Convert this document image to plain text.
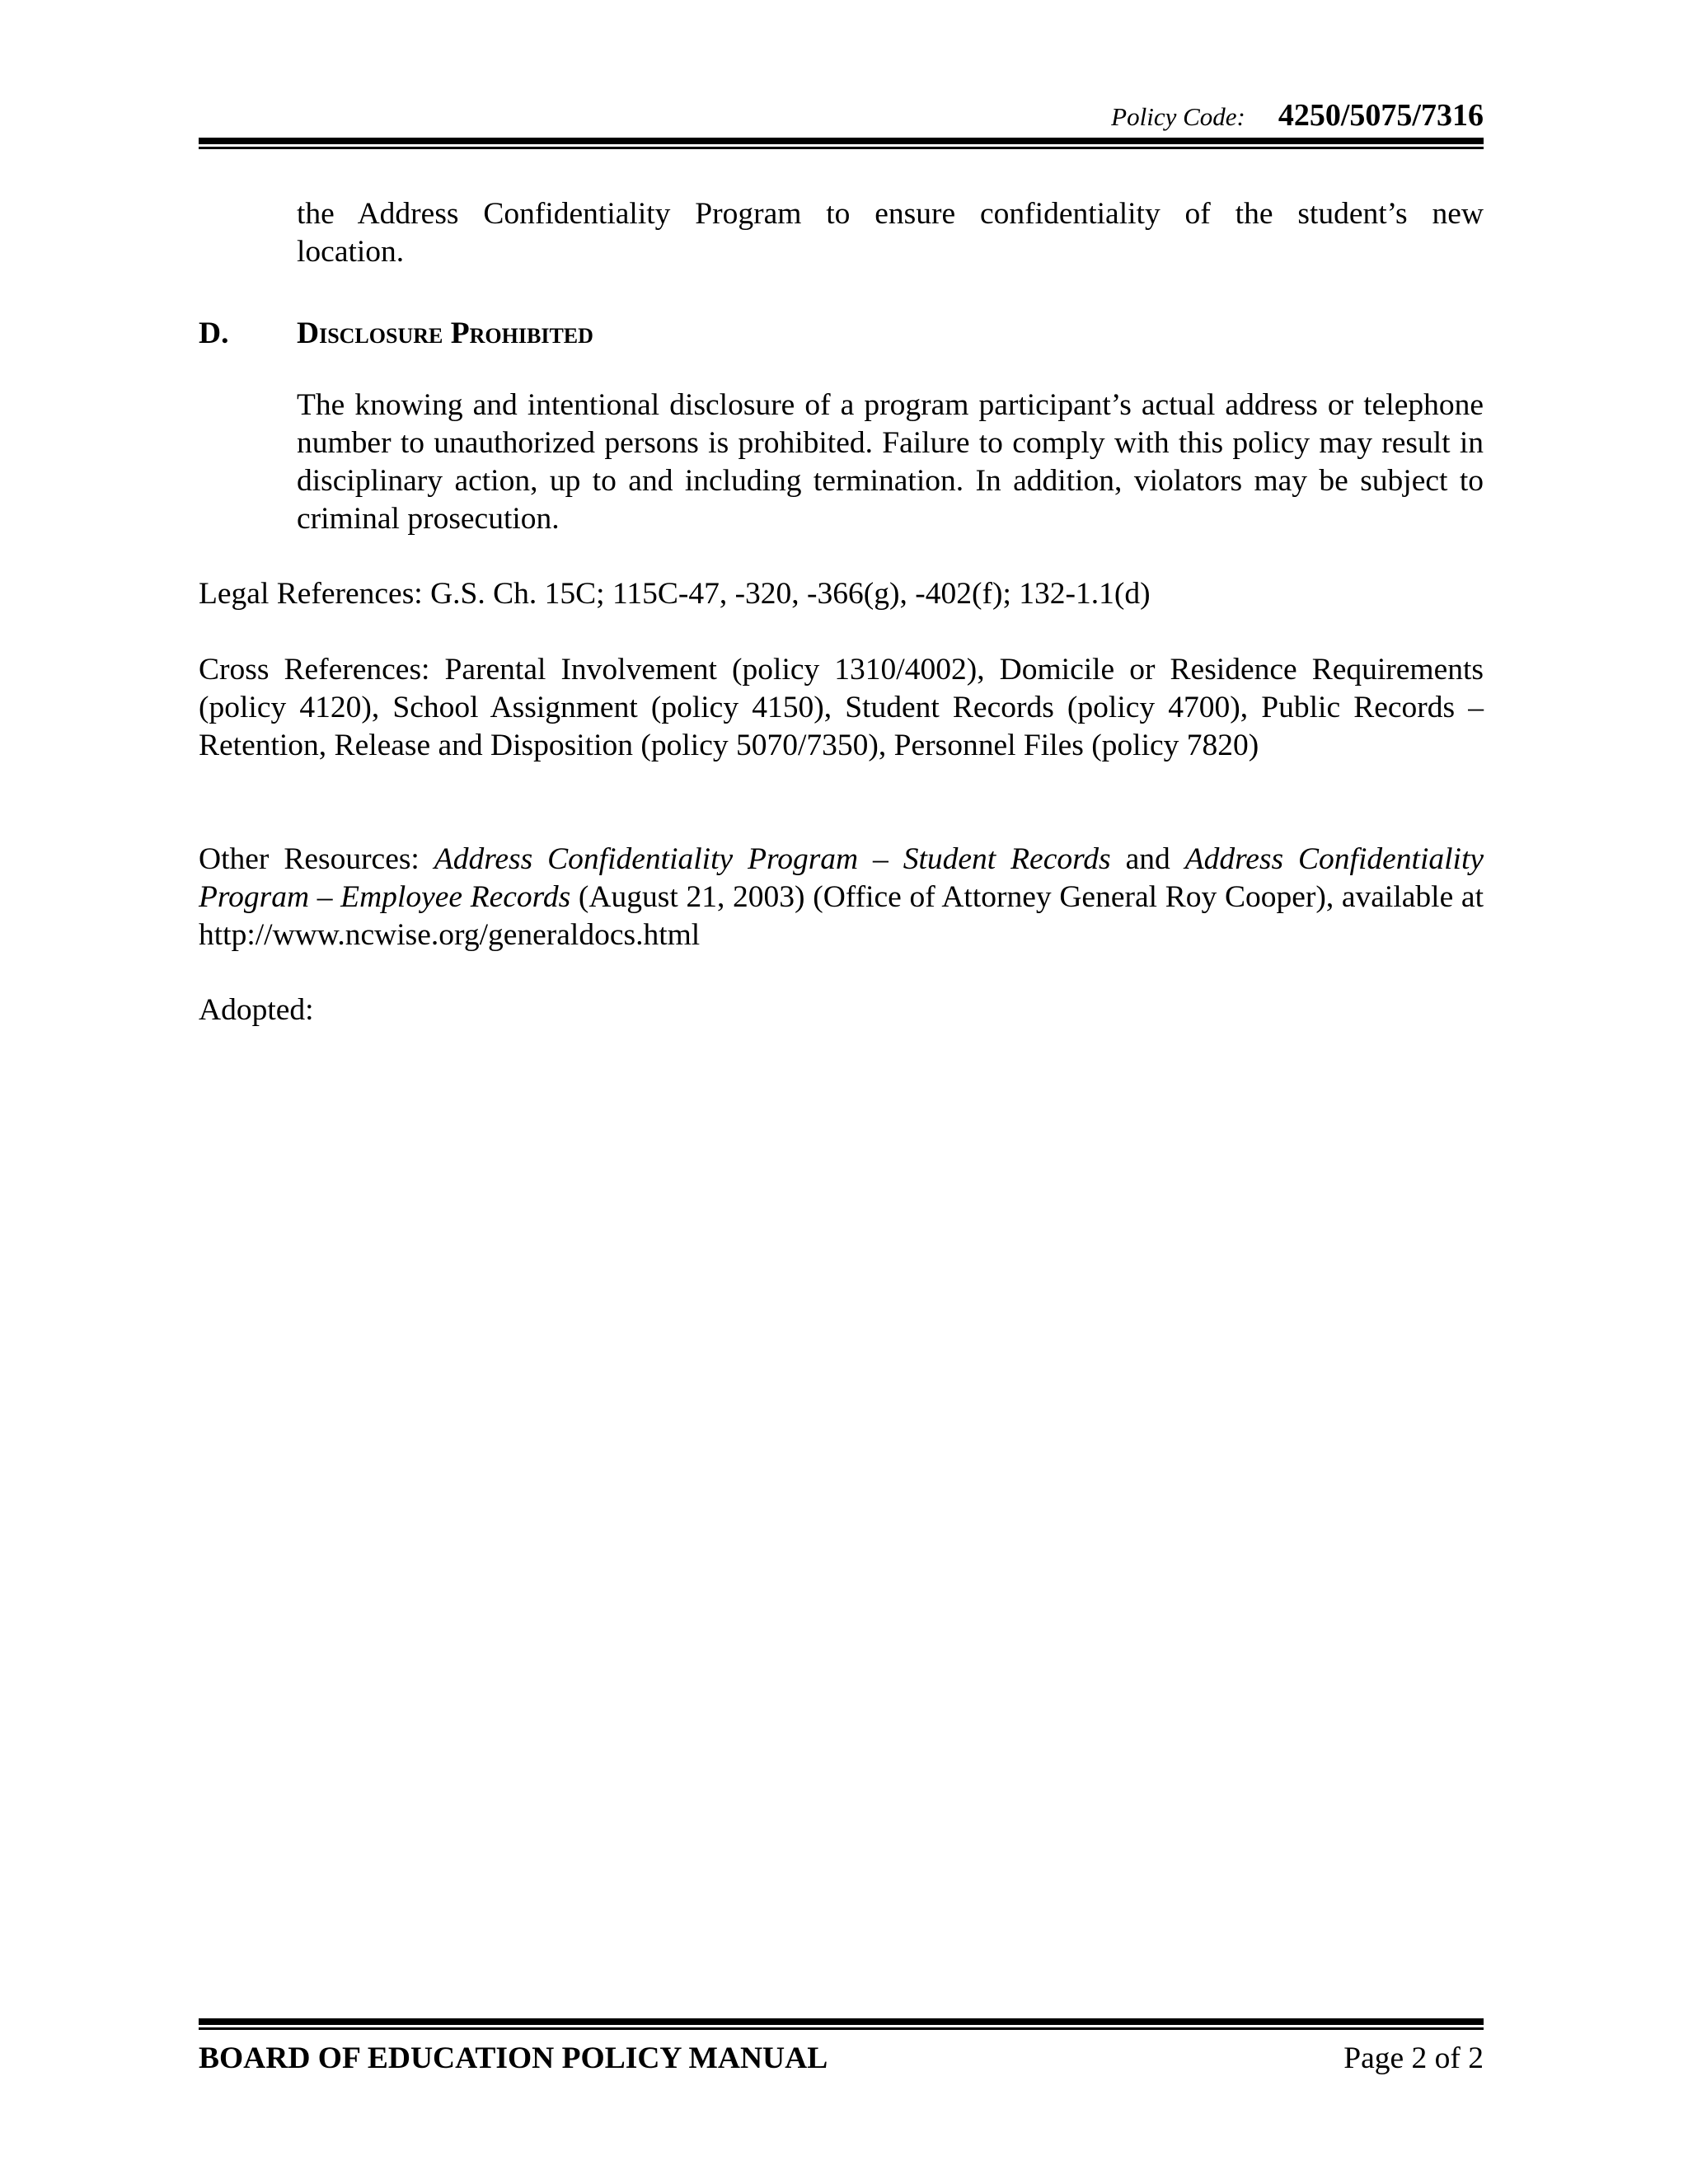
Policy Code: 4250/5075/7316

the Address Confidentiality Program to ensure confidentiality of the student’s new

location.

D. Disclosure Prohibited

The knowing and intentional disclosure of a program participant’s actual address or telephone number to unauthorized persons is prohibited. Failure to comply with this policy may result in disciplinary action, up to and including termination. In addition, violators may be subject to criminal prosecution.

Legal References: G.S. Ch. 15C; 115C-47, -320, -366(g), -402(f); 132-1.1(d)

Cross References: Parental Involvement (policy 1310/4002), Domicile or Residence Requirements (policy 4120), School Assignment (policy 4150), Student Records (policy 4700), Public Records – Retention, Release and Disposition (policy 5070/7350), Personnel Files (policy 7820)

Other Resources: Address Confidentiality Program – Student Records and Address Confidentiality Program – Employee Records (August 21, 2003) (Office of Attorney General Roy Cooper), available at http://www.ncwise.org/generaldocs.html

Adopted:

BOARD OF EDUCATION POLICY MANUAL	Page 2 of 2
